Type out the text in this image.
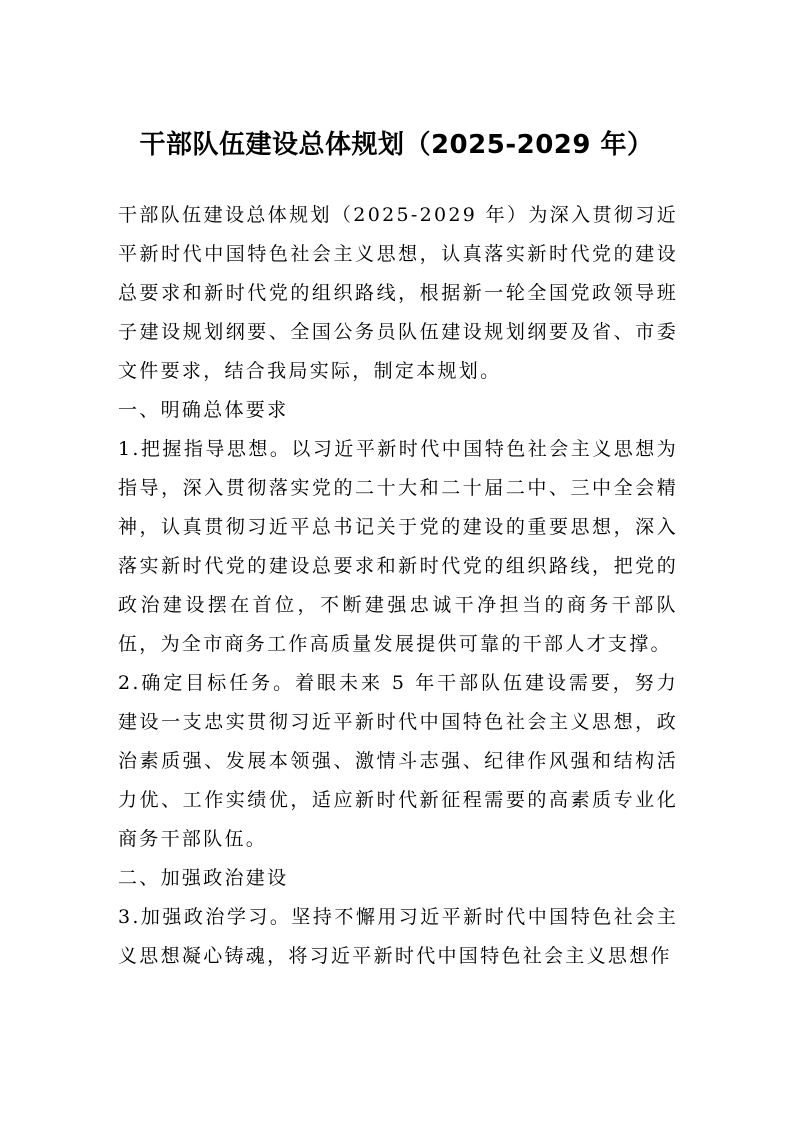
干部队伍建设总体规划（2025-2029 年）

干部队伍建设总体规划（2025-2029 年）为深入贯彻习近平新时代中国特色社会主义思想，认真落实新时代党的建设总要求和新时代党的组织路线，根据新一轮全国党政领导班子建设规划纲要、全国公务员队伍建设规划纲要及省、市委文件要求，结合我局实际，制定本规划。

一、明确总体要求

1.把握指导思想。以习近平新时代中国特色社会主义思想为指导，深入贯彻落实党的二十大和二十届二中、三中全会精神，认真贯彻习近平总书记关于党的建设的重要思想，深入落实新时代党的建设总要求和新时代党的组织路线，把党的政治建设摆在首位，不断建强忠诚干净担当的商务干部队伍，为全市商务工作高质量发展提供可靠的干部人才支撑。

2.确定目标任务。着眼未来 5 年干部队伍建设需要，努力建设一支忠实贯彻习近平新时代中国特色社会主义思想，政治素质强、发展本领强、激情斗志强、纪律作风强和结构活力优、工作实绩优，适应新时代新征程需要的高素质专业化商务干部队伍。

二、加强政治建设

3.加强政治学习。坚持不懈用习近平新时代中国特色社会主义思想凝心铸魂，将习近平新时代中国特色社会主义思想作
